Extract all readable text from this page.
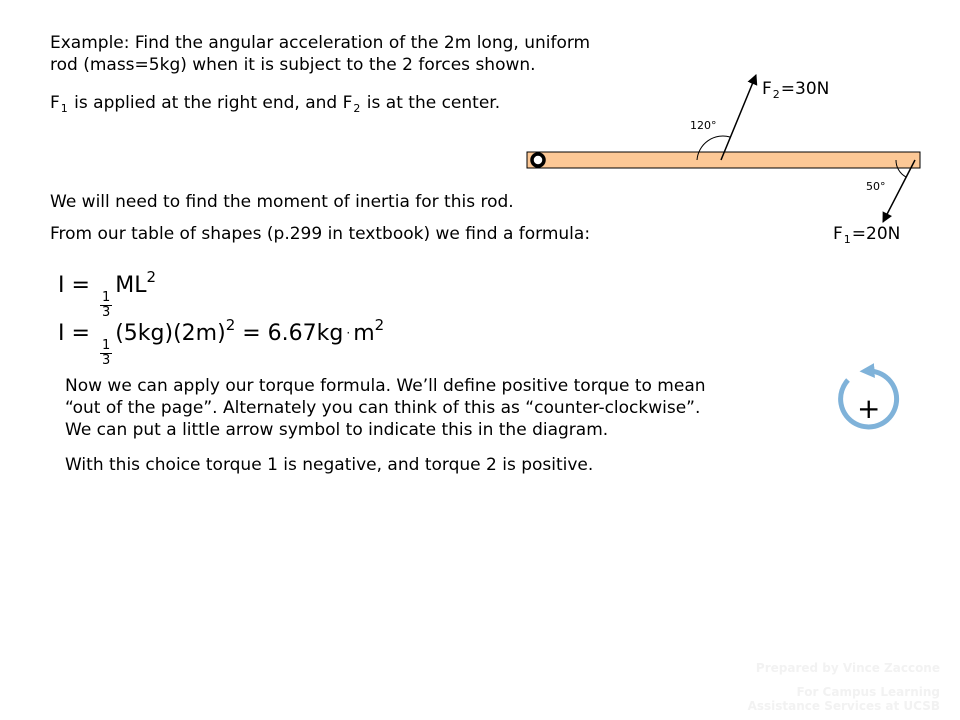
Example: Find the angular acceleration of the 2m long, uniform
rod (mass=5kg) when it is subject to the 2 forces shown.
$F_1$ is applied at the right end, and $F_2$ is at the center.
We will need to find the moment of inertia for this rod.
From our table of shapes (p.299 in textbook) we find a formula:
I =
$\frac{1}{3}$
$ML^2$
I =
$\frac{1}{3}$
$(5kg)(2m)^2 = 6.67kg \cdot m^2$
Now we can apply our torque formula. We’ll define positive torque to mean
“out of the page”. Alternately you can think of this as “counter-clockwise”.
We can put a little arrow symbol to indicate this in the diagram.
With this choice torque 1 is negative, and torque 2 is positive.
$F_2=30N$
$F_1=20N$
120°
50°
+
Prepared by Vince Zaccone
For Campus Learning
Assistance Services at UCSB
